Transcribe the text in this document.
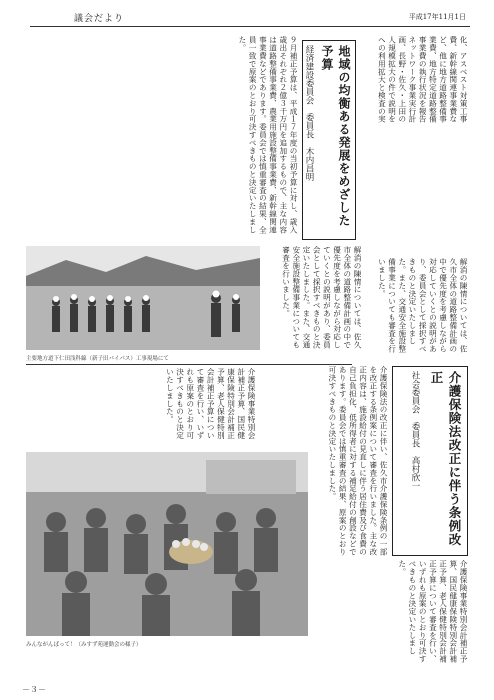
議会だより	平成17年11月1日
化、アスベスト対策工事
費、新幹線関連事業費な
ど、他に地方道路整備事
業費、地方特定道路整備
事業費の執行状況を報告
ネットワーク事業実行計
画、長野・佐久・上田の
人規模拡大の件で説明を
への利用拡大と検査の実
地域の均衡ある発展をめざした予算
経済建設委員会　委員長　木内昌明
９月補正予算は、平成１７年度の当初予算に対し、歳入歳出それぞれ２億３千万円を追加するもので、主な内容は道路整備事業費、農業用施設整備事業費、新幹線関連事業費などであります。委員会では慎重審査の結果、全員一致で原案のとおり可決すべきものと決定いたしました。
解消の陳情については、佐久市全体の道路整備計画の中で優先度を考慮しながら対応していくとの説明があり、委員会として採択すべきものと決定いたしました。また、交通安全施設整備事業についても審査を行いました。
主要地方道下仁田浅科線（新子田バイパス）工事現場にて
解消の陳情については、佐久市全体の道路整備計画の中で優先度を考慮しながら対応していくとの説明があり、委員会として採択すべきものと決定いたしました。また、交通安全施設整備事業についても審査を行いました。
介護保険法改正に伴う条例改正
社会委員会　委員長　高村欣一
介護保険法の改正に伴い、佐久市介護保険条例の一部を改正する条例案について審査を行いました。主な改正内容は、施設給付の見直しに伴う居住費及び食費の自己負担化、低所得者に対する補足給付の創設などであります。委員会では慎重審査の結果、原案のとおり可決すべきものと決定いたしました。
介護保険事業特別会計補正予算、国民健康保険特別会計補正予算、老人保健特別会計補正予算について審査を行い、いずれも原案のとおり可決すべきものと決定いたしました。
みんながんばって！（みすず苑運動会の様子）	介護保険事業特別会計補正予算、国民健康保険特別会計補正予算、老人保健特別会計補正予算について審査を行い、いずれも原案のとおり可決すべきものと決定いたしました。
－３－
